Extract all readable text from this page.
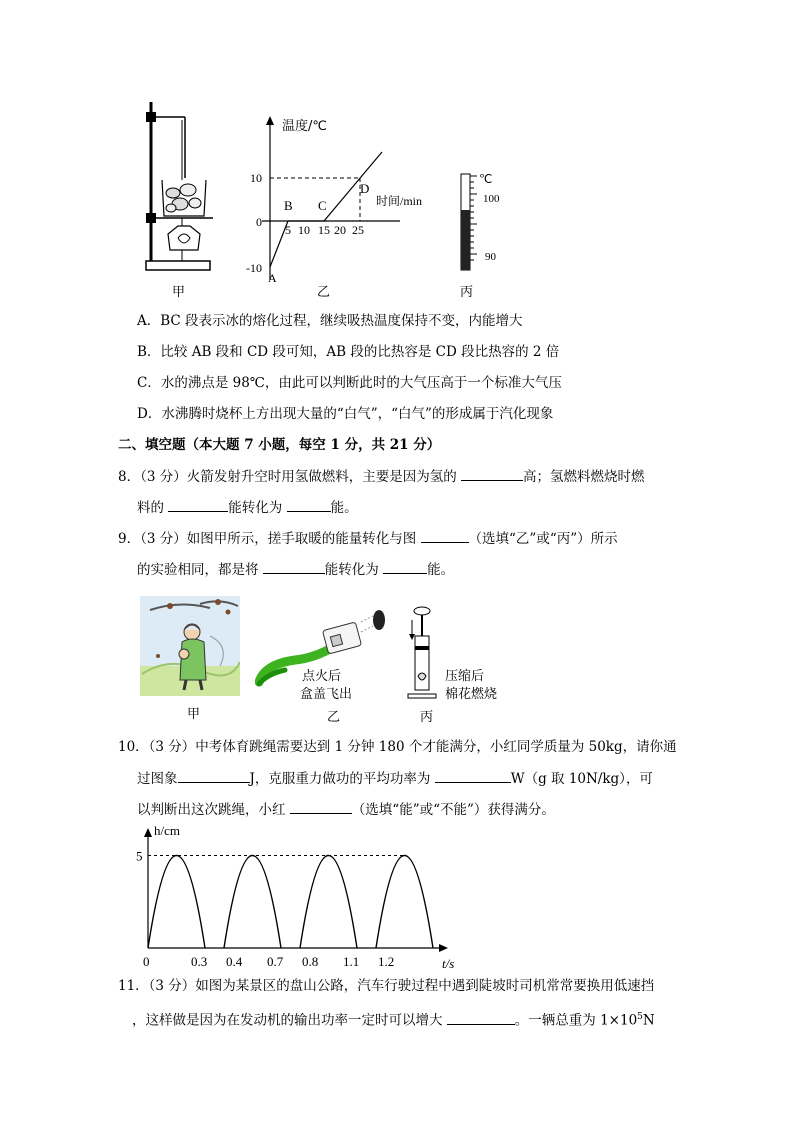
甲
温度/℃
时间/min
10
0
-10
5 10 15 20 25
A
B C
D
乙
℃
100
90
丙
A．BC 段表示冰的熔化过程，继续吸热温度保持不变，内能增大
B．比较 AB 段和 CD 段可知，AB 段的比热容是 CD 段比热容的 2 倍
C．水的沸点是 98℃，由此可以判断此时的大气压高于一个标准大气压
D．水沸腾时烧杯上方出现大量的“白气”，“白气”的形成属于汽化现象
二、填空题（本大题 7 小题，每空 1 分，共 21 分）
8．（3 分）火箭发射升空时用氢做燃料，主要是因为氢的	高；氢燃料燃烧时燃
料的	能转化为	能。
9．（3 分）如图甲所示，搓手取暖的能量转化与图	（选填“乙”或“丙”）所示
的实验相同，都是将	能转化为	能。
甲
点火后
盒盖飞出
乙
压缩后
棉花燃烧
丙
10．（3 分）中考体育跳绳需要达到 1 分钟 180 个才能满分，小红同学质量为 50kg，请你通
过图象	J，克服重力做功的平均功率为	W（g 取 10N/kg），可
以判断出这次跳绳，小红	（选填“能”或“不能”）获得满分。
h/cm
t/s
0
5
0.3 0.4 0.7 0.8 1.1 1.2
11．（3 分）如图为某景区的盘山公路，汽车行驶过程中遇到陡坡时司机常常要换用低速挡
，这样做是因为在发动机的输出功率一定时可以增大	。一辆总重为 $1\times 10^5N$
